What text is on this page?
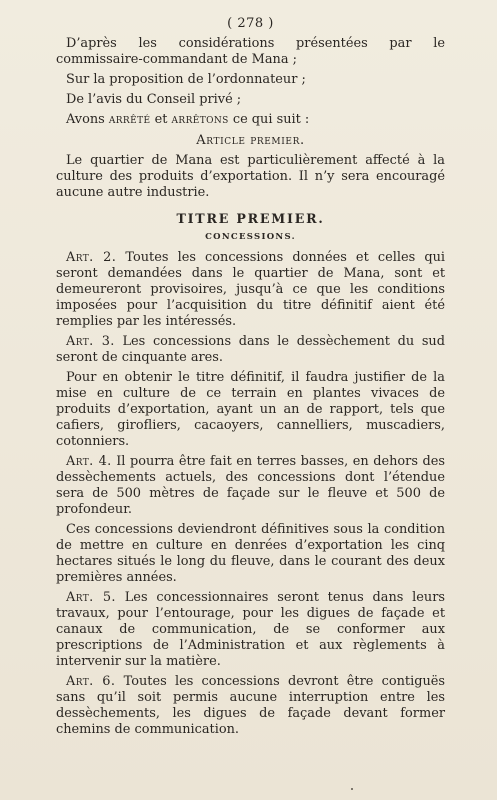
( 278 )

D’après les considérations présentées par le commissaire-commandant de Mana ;

Sur la proposition de l’ordonnateur ;

De l’avis du Conseil privé ;

Avons arrêté et arrêtons ce qui suit :

Article premier.

Le quartier de Mana est particulièrement affecté à la culture des produits d’exportation. Il n’y sera encouragé aucune autre industrie.

TITRE PREMIER.
CONCESSIONS.

Art. 2. Toutes les concessions données et celles qui seront demandées dans le quartier de Mana, sont et demeureront provisoires, jusqu’à ce que les conditions imposées pour l’acquisition du titre définitif aient été remplies par les intéressés.

Art. 3. Les concessions dans le dessèchement du sud seront de cinquante ares.

Pour en obtenir le titre définitif, il faudra justifier de la mise en culture de ce terrain en plantes vivaces de produits d’exportation, ayant un an de rapport, tels que cafiers, girofliers, cacaoyers, cannelliers, muscadiers, cotonniers.

Art. 4. Il pourra être fait en terres basses, en dehors des dessèchements actuels, des concessions dont l’étendue sera de 500 mètres de façade sur le fleuve et 500 de profondeur.

Ces concessions deviendront définitives sous la condition de mettre en culture en denrées d’exportation les cinq hectares situés le long du fleuve, dans le courant des deux premières années.

Art. 5. Les concessionnaires seront tenus dans leurs travaux, pour l’entourage, pour les digues de façade et canaux de communication, de se conformer aux prescriptions de l’Administration et aux règlements à intervenir sur la matière.

Art. 6. Toutes les concessions devront être contiguës sans qu’il soit permis aucune interruption entre les dessèchements, les digues de façade devant former chemins de communication.
